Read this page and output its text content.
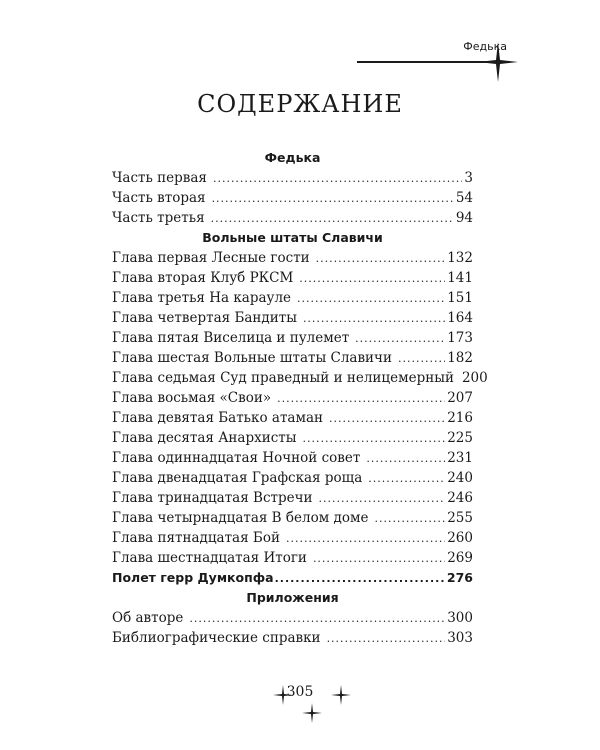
Федька
СОДЕРЖАНИЕ
Федька
Часть первая .....	3
Часть вторая .....	54
Часть третья .....	94
Вольные штаты Славичи
Глава первая Лесные гости .....	132
Глава вторая Клуб РКСМ .....	141
Глава третья На карауле .....	151
Глава четвертая Бандиты .....	164
Глава пятая Виселица и пулемет .....	173
Глава шестая Вольные штаты Славичи .....	182
Глава седьмая Суд праведный и нелицемерный 200
Глава восьмая «Свои» .....	207
Глава девятая Батько атаман .....	216
Глава десятая Анархисты .....	225
Глава одиннадцатая Ночной совет .....	231
Глава двенадцатая Графская роща .....	240
Глава тринадцатая Встречи .....	246
Глава четырнадцатая В белом доме .....	255
Глава пятнадцатая Бой .....	260
Глава шестнадцатая Итоги .....	269
Полет герр Думкопфа .....	276
Приложения
Об авторе .....	300
Библиографические справки .....	303
305
